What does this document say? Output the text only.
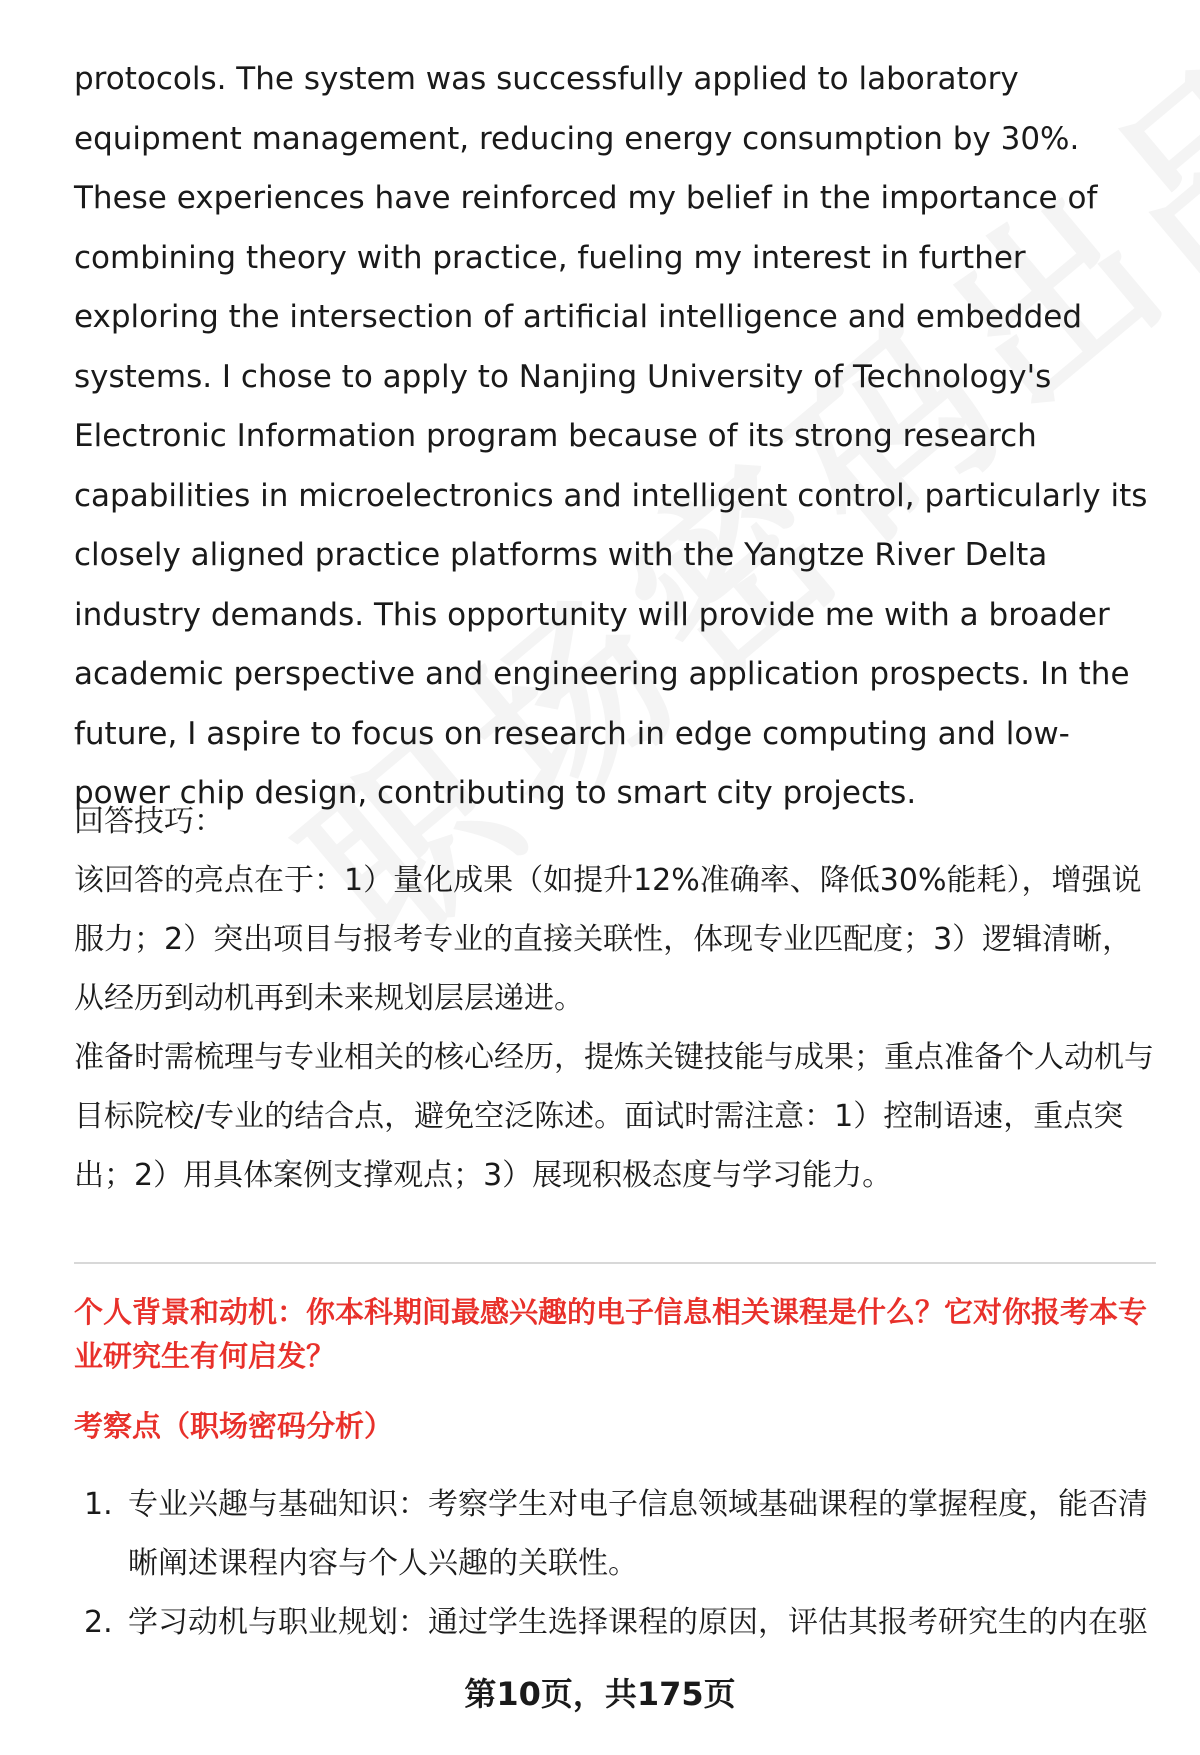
protocols. The system was successfully applied to laboratory equipment management, reducing energy consumption by 30%. These experiences have reinforced my belief in the importance of combining theory with practice, fueling my interest in further exploring the intersection of artificial intelligence and embedded systems. I chose to apply to Nanjing University of Technology's Electronic Information program because of its strong research capabilities in microelectronics and intelligent control, particularly its closely aligned practice platforms with the Yangtze River Delta industry demands. This opportunity will provide me with a broader academic perspective and engineering application prospects. In the future, I aspire to focus on research in edge computing and low-power chip design, contributing to smart city projects.

回答技巧：

该回答的亮点在于：1）量化成果（如提升12%准确率、降低30%能耗），增强说服力；2）突出项目与报考专业的直接关联性，体现专业匹配度；3）逻辑清晰，从经历到动机再到未来规划层层递进。

准备时需梳理与专业相关的核心经历，提炼关键技能与成果；重点准备个人动机与目标院校/专业的结合点，避免空泛陈述。面试时需注意：1）控制语速，重点突出；2）用具体案例支撑观点；3）展现积极态度与学习能力。

个人背景和动机：你本科期间最感兴趣的电子信息相关课程是什么？它对你报考本专业研究生有何启发？

考察点（职场密码分析）

1. 专业兴趣与基础知识：考察学生对电子信息领域基础课程的掌握程度，能否清晰阐述课程内容与个人兴趣的关联性。
2. 学习动机与职业规划：通过学生选择课程的原因，评估其报考研究生的内在驱
第10页，共175页
